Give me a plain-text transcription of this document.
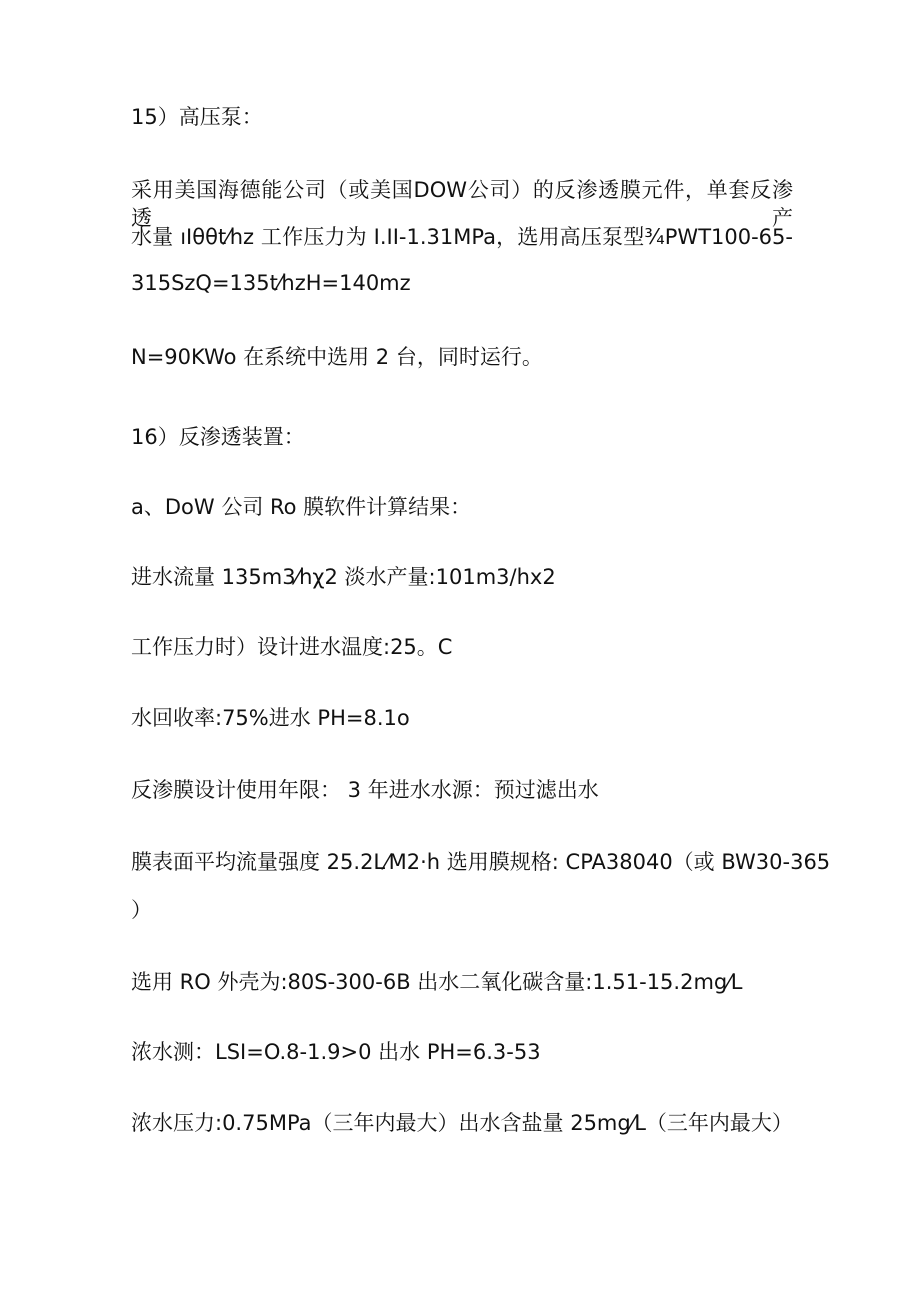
15）高压泵：
采用美国海德能公司（或美国DOW公司）的反渗透膜元件，单套反渗透产
水量 ıIθθt⁄hz 工作压力为 I.II-1.31MPa，选用高压泵型¾PWT100-65-
315SzQ=135t⁄hzH=140mz
N=90KWo 在系统中选用 2 台，同时运行。
16）反渗透装置：
a、DoW 公司 Ro 膜软件计算结果：
进水流量 135m3⁄hχ2 淡水产量:101m3/hx2
工作压力时）设计进水温度:25。C
水回收率:75%进水 PH=8.1o
反渗膜设计使用年限： 3 年进水水源：预过滤出水
膜表面平均流量强度 25.2L⁄M2·h 选用膜规格: CPA38040（或 BW30-365
）
选用 RO 外壳为:80S-300-6B 出水二氧化碳含量:1.51-15.2mg⁄L
浓水测：LSI=O.8-1.9>0 出水 PH=6.3-53
浓水压力:0.75MPa（三年内最大）出水含盐量 25mg⁄L（三年内最大）
